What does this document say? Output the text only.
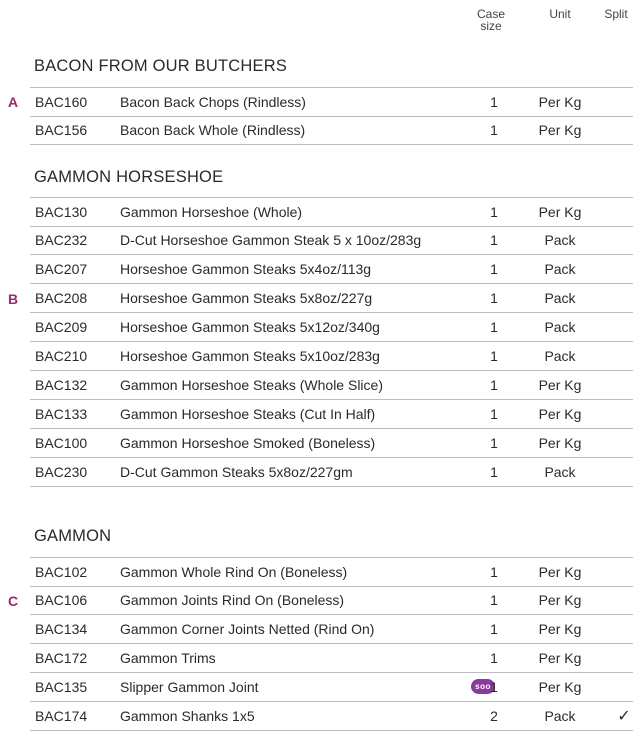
Case
size
Unit	Split
BACON FROM OUR BUTCHERS
A BAC160 Bacon Back Chops (Rindless)	1	Per Kg
BAC156 Bacon Back Whole (Rindless)	1	Per Kg
GAMMON HORSESHOE
BAC130 Gammon Horseshoe (Whole)	1	Per Kg
BAC232 D-Cut Horseshoe Gammon Steak 5 x 10oz/283g	1	Pack
BAC207 Horseshoe Gammon Steaks 5x4oz/113g	1	Pack
B BAC208 Horseshoe Gammon Steaks 5x8oz/227g	1	Pack
BAC209 Horseshoe Gammon Steaks 5x12oz/340g	1	Pack
BAC210 Horseshoe Gammon Steaks 5x10oz/283g	1	Pack
BAC132 Gammon Horseshoe Steaks (Whole Slice)	1	Per Kg
BAC133 Gammon Horseshoe Steaks (Cut In Half)	1	Per Kg
BAC100 Gammon Horseshoe Smoked (Boneless)	1	Per Kg
BAC230 D-Cut Gammon Steaks 5x8oz/227gm	1	Pack
GAMMON
BAC102 Gammon Whole Rind On (Boneless)	1	Per Kg
C BAC106 Gammon Joints Rind On (Boneless)	1	Per Kg
BAC134 Gammon Corner Joints Netted (Rind On)	1	Per Kg
BAC172 Gammon Trims	1	Per Kg
BAC135 Slipper Gammon Joint	soo 1	Per Kg
BAC174 Gammon Shanks 1x5	2	Pack	✓
